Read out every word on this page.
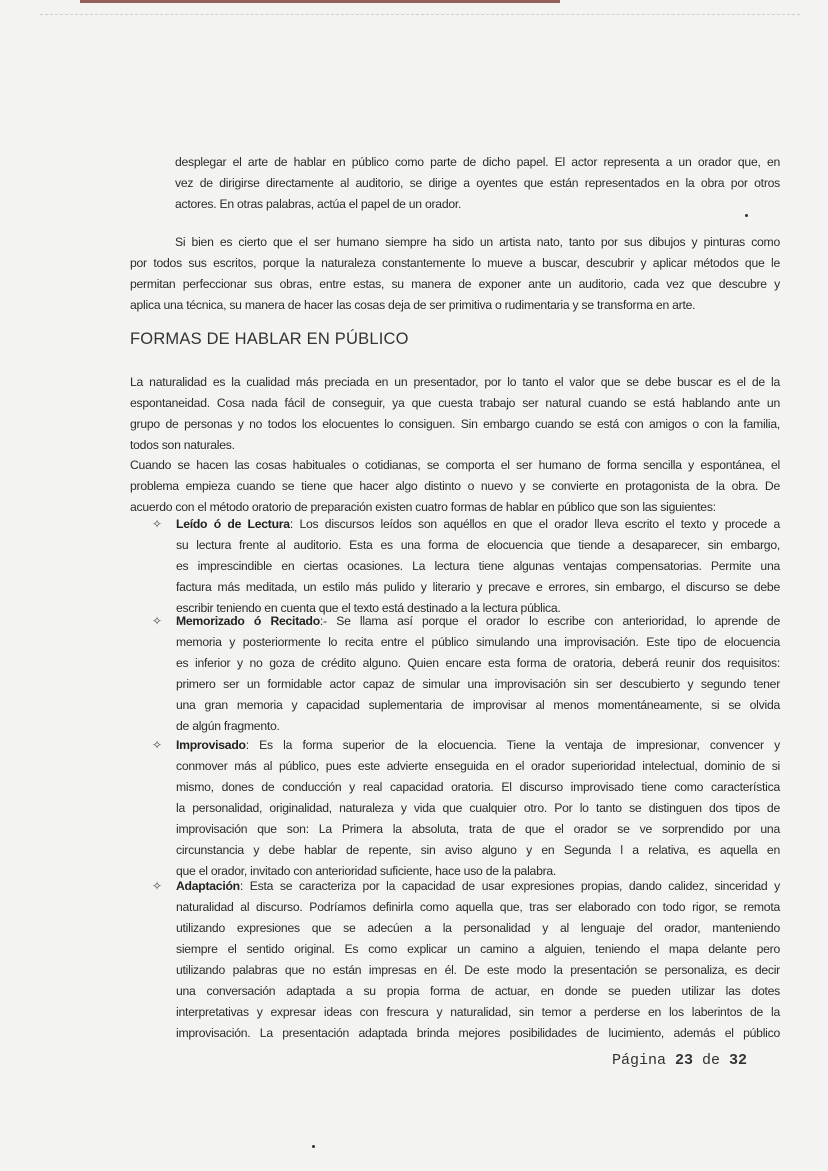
desplegar el arte de hablar en público como parte de dicho papel. El actor representa a un orador que, en
vez de dirigirse directamente al auditorio, se dirige a oyentes que están representados en la obra por otros
actores. En otras palabras, actúa el papel de un orador.
Si bien es cierto que el ser humano siempre ha sido un artista nato, tanto por sus dibujos y pinturas como
por todos sus escritos, porque la naturaleza constantemente lo mueve a buscar, descubrir y aplicar métodos que le
permitan perfeccionar sus obras, entre estas, su manera de exponer ante un auditorio, cada vez que descubre y
aplica una técnica, su manera de hacer las cosas deja de ser primitiva o rudimentaria y se transforma en arte.
FORMAS DE HABLAR EN PÚBLICO
La naturalidad es la cualidad más preciada en un presentador, por lo tanto el valor que se debe buscar es el de la
espontaneidad. Cosa nada fácil de conseguir, ya que cuesta trabajo ser natural cuando se está hablando ante un
grupo de personas y no todos los elocuentes lo consiguen. Sin embargo cuando se está con amigos o con la familia,
todos son naturales.
Cuando se hacen las cosas habituales o cotidianas, se comporta el ser humano de forma sencilla y espontánea, el
problema empieza cuando se tiene que hacer algo distinto o nuevo y se convierte en protagonista de la obra. De
acuerdo con el método oratorio de preparación existen cuatro formas de hablar en público que son las siguientes:
✧ Leído ó de Lectura: Los discursos leídos son aquéllos en que el orador lleva escrito el texto y procede a
su lectura frente al auditorio. Esta es una forma de elocuencia que tiende a desaparecer, sin embargo,
es imprescindible en ciertas ocasiones. La lectura tiene algunas ventajas compensatorias. Permite una
factura más meditada, un estilo más pulido y literario y precave e errores, sin embargo, el discurso se debe
escribir teniendo en cuenta que el texto está destinado a la lectura pública.
✧ Memorizado ó Recitado:- Se llama así porque el orador lo escribe con anterioridad, lo aprende de
memoria y posteriormente lo recita entre el público simulando una improvisación. Este tipo de elocuencia
es inferior y no goza de crédito alguno. Quien encare esta forma de oratoria, deberá reunir dos requisitos:
primero ser un formidable actor capaz de simular una improvisación sin ser descubierto y segundo tener
una gran memoria y capacidad suplementaria de improvisar al menos momentáneamente, si se olvida
de algún fragmento.
✧ Improvisado: Es la forma superior de la elocuencia. Tiene la ventaja de impresionar, convencer y
conmover más al público, pues este advierte enseguida en el orador superioridad intelectual, dominio de si
mismo, dones de conducción y real capacidad oratoria. El discurso improvisado tiene como característica
la personalidad, originalidad, naturaleza y vida que cualquier otro. Por lo tanto se distinguen dos tipos de
improvisación que son: La Primera la absoluta, trata de que el orador se ve sorprendido por una
circunstancia y debe hablar de repente, sin aviso alguno y en Segunda l a relativa, es aquella en
que el orador, invitado con anterioridad suficiente, hace uso de la palabra.
✧ Adaptación: Esta se caracteriza por la capacidad de usar expresiones propias, dando calidez, sinceridad y
naturalidad al discurso. Podríamos definirla como aquella que, tras ser elaborado con todo rigor, se remota
utilizando expresiones que se adecúen a la personalidad y al lenguaje del orador, manteniendo
siempre el sentido original. Es como explicar un camino a alguien, teniendo el mapa delante pero
utilizando palabras que no están impresas en él. De este modo la presentación se personaliza, es decir
una conversación adaptada a su propia forma de actuar, en donde se pueden utilizar las dotes
interpretativas y expresar ideas con frescura y naturalidad, sin temor a perderse en los laberintos de la
improvisación. La presentación adaptada brinda mejores posibilidades de lucimiento, además el público
Página 23 de 32
